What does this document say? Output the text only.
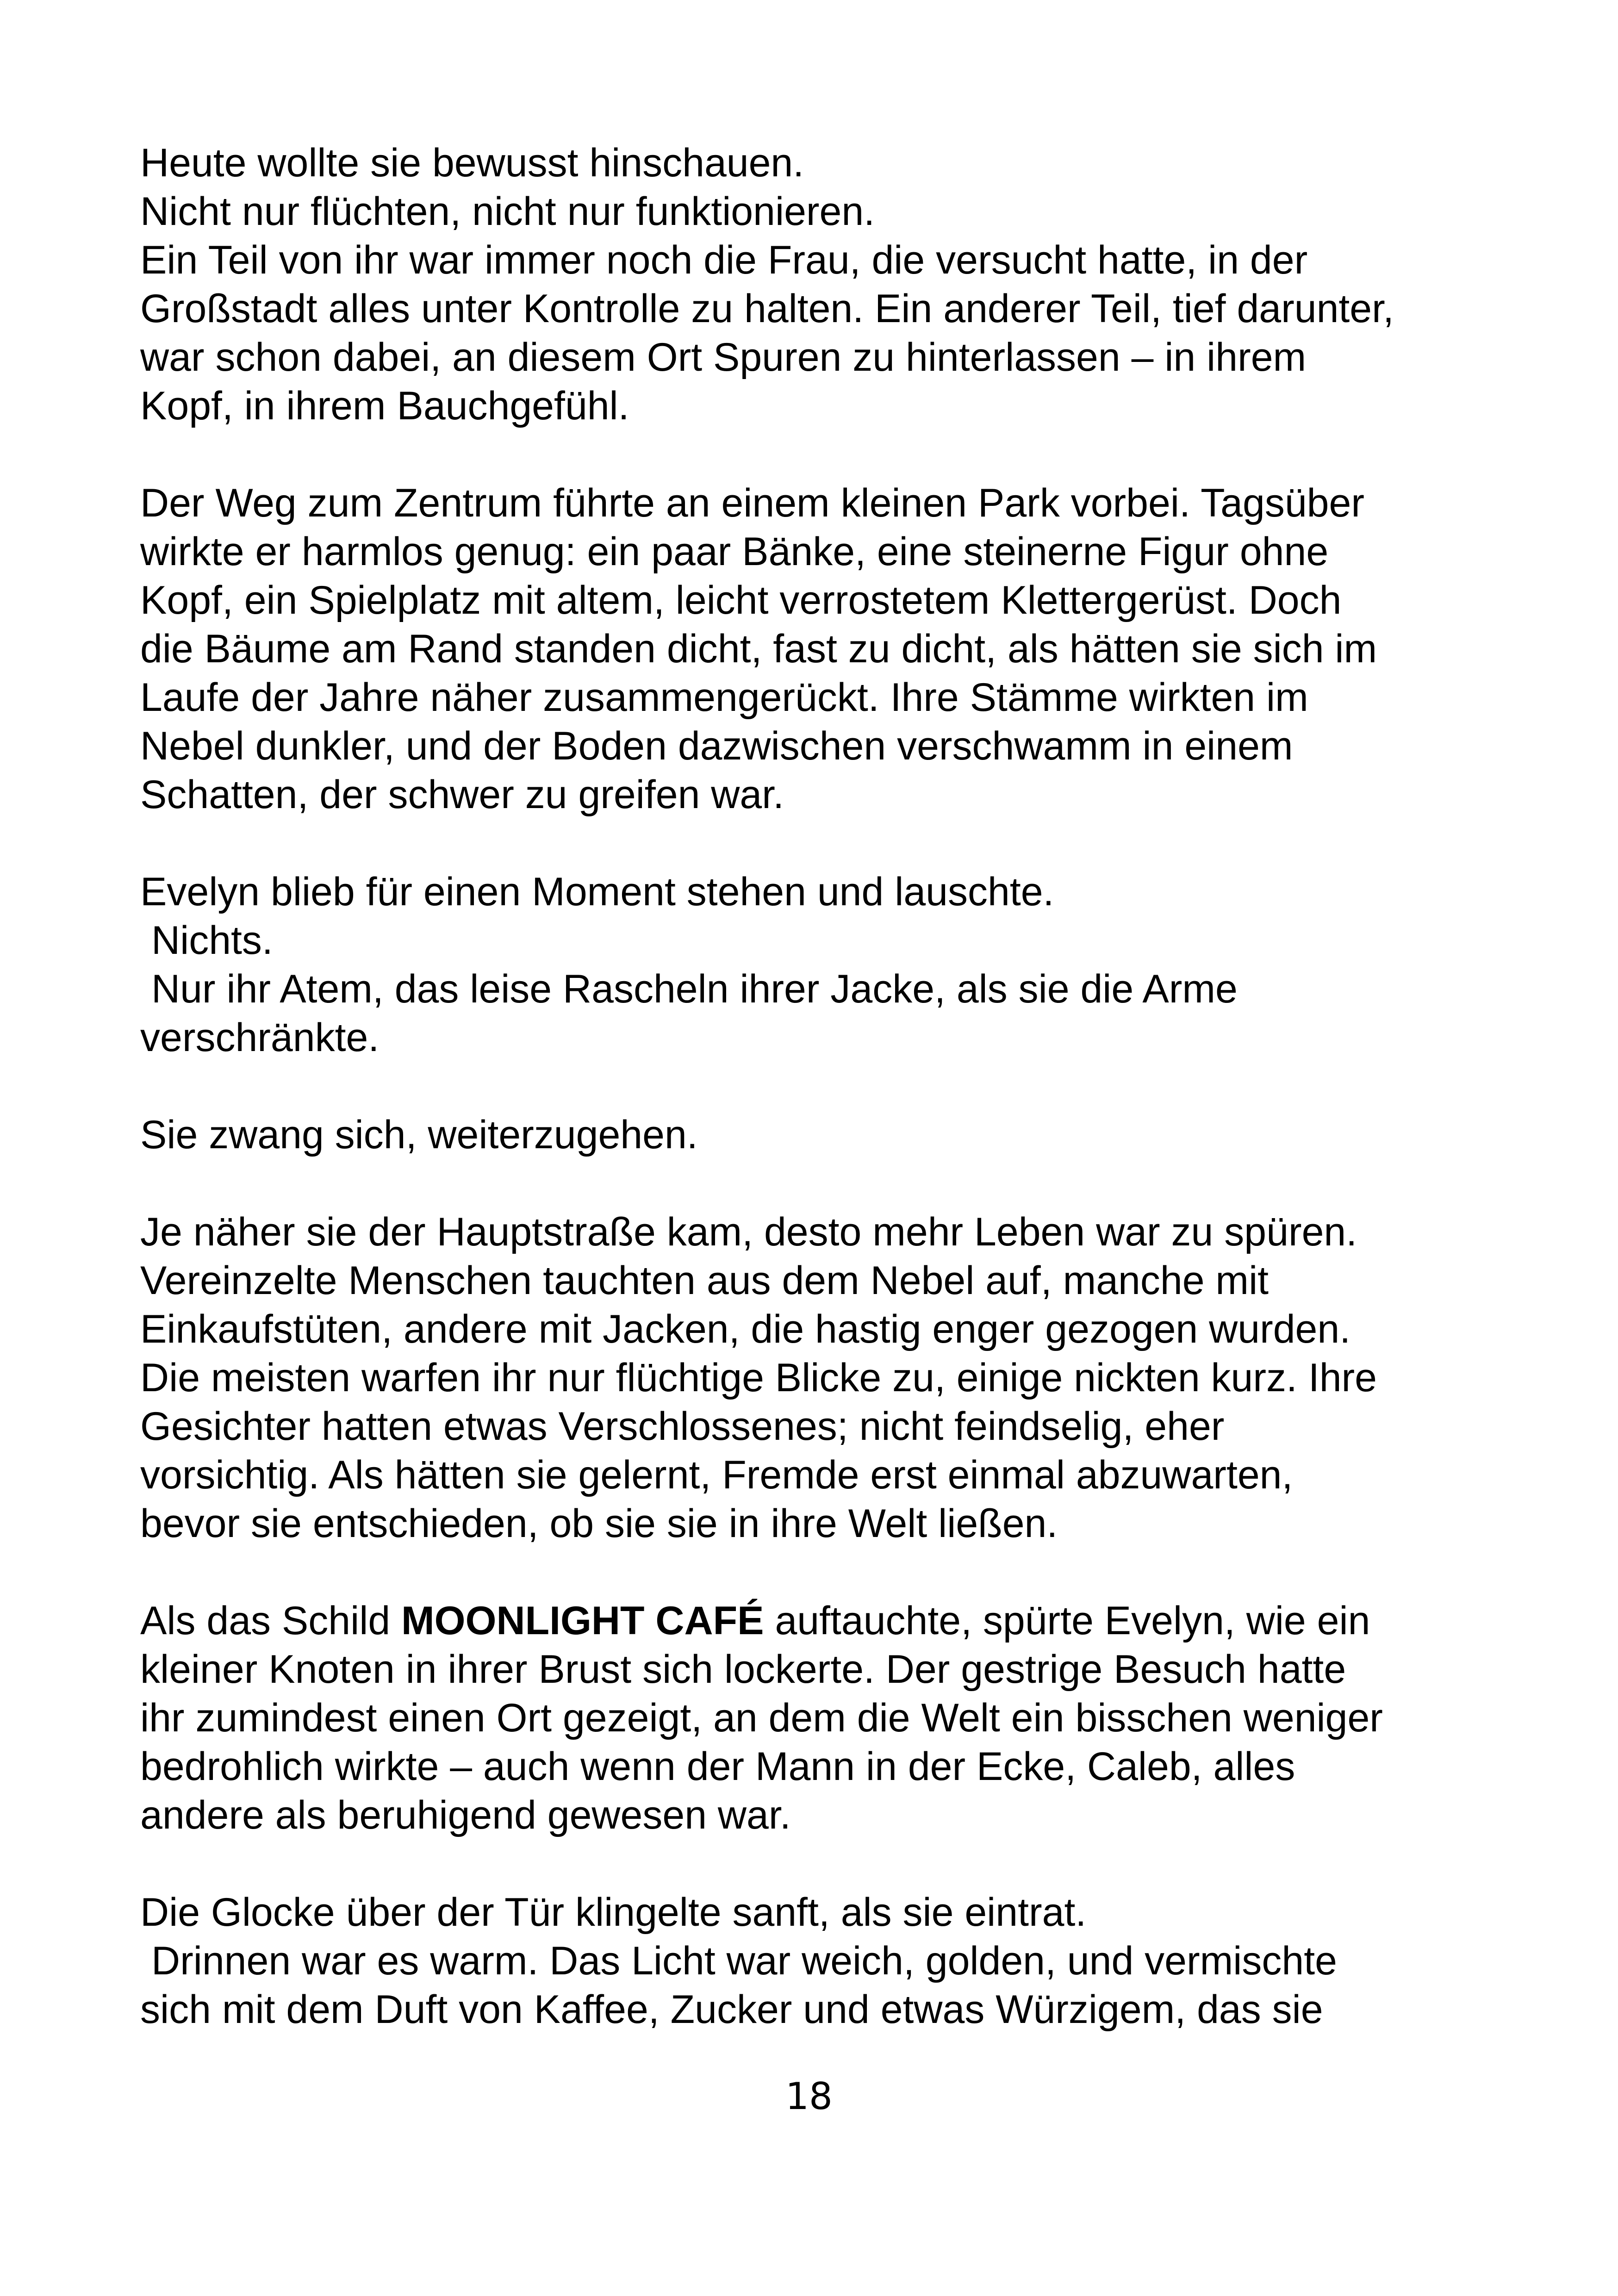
Heute wollte sie bewusst hinschauen.
Nicht nur flüchten, nicht nur funktionieren.
Ein Teil von ihr war immer noch die Frau, die versucht hatte, in der
Großstadt alles unter Kontrolle zu halten. Ein anderer Teil, tief darunter,
war schon dabei, an diesem Ort Spuren zu hinterlassen – in ihrem
Kopf, in ihrem Bauchgefühl.
Der Weg zum Zentrum führte an einem kleinen Park vorbei. Tagsüber
wirkte er harmlos genug: ein paar Bänke, eine steinerne Figur ohne
Kopf, ein Spielplatz mit altem, leicht verrostetem Klettergerüst. Doch
die Bäume am Rand standen dicht, fast zu dicht, als hätten sie sich im
Laufe der Jahre näher zusammengerückt. Ihre Stämme wirkten im
Nebel dunkler, und der Boden dazwischen verschwamm in einem
Schatten, der schwer zu greifen war.
Evelyn blieb für einen Moment stehen und lauschte.
Nichts.
Nur ihr Atem, das leise Rascheln ihrer Jacke, als sie die Arme
verschränkte.
Sie zwang sich, weiterzugehen.
Je näher sie der Hauptstraße kam, desto mehr Leben war zu spüren.
Vereinzelte Menschen tauchten aus dem Nebel auf, manche mit
Einkaufstüten, andere mit Jacken, die hastig enger gezogen wurden.
Die meisten warfen ihr nur flüchtige Blicke zu, einige nickten kurz. Ihre
Gesichter hatten etwas Verschlossenes; nicht feindselig, eher
vorsichtig. Als hätten sie gelernt, Fremde erst einmal abzuwarten,
bevor sie entschieden, ob sie sie in ihre Welt ließen.
Als das Schild MOONLIGHT CAFÉ auftauchte, spürte Evelyn, wie ein
kleiner Knoten in ihrer Brust sich lockerte. Der gestrige Besuch hatte
ihr zumindest einen Ort gezeigt, an dem die Welt ein bisschen weniger
bedrohlich wirkte – auch wenn der Mann in der Ecke, Caleb, alles
andere als beruhigend gewesen war.
Die Glocke über der Tür klingelte sanft, als sie eintrat.
Drinnen war es warm. Das Licht war weich, golden, und vermischte
sich mit dem Duft von Kaffee, Zucker und etwas Würzigem, das sie
18
